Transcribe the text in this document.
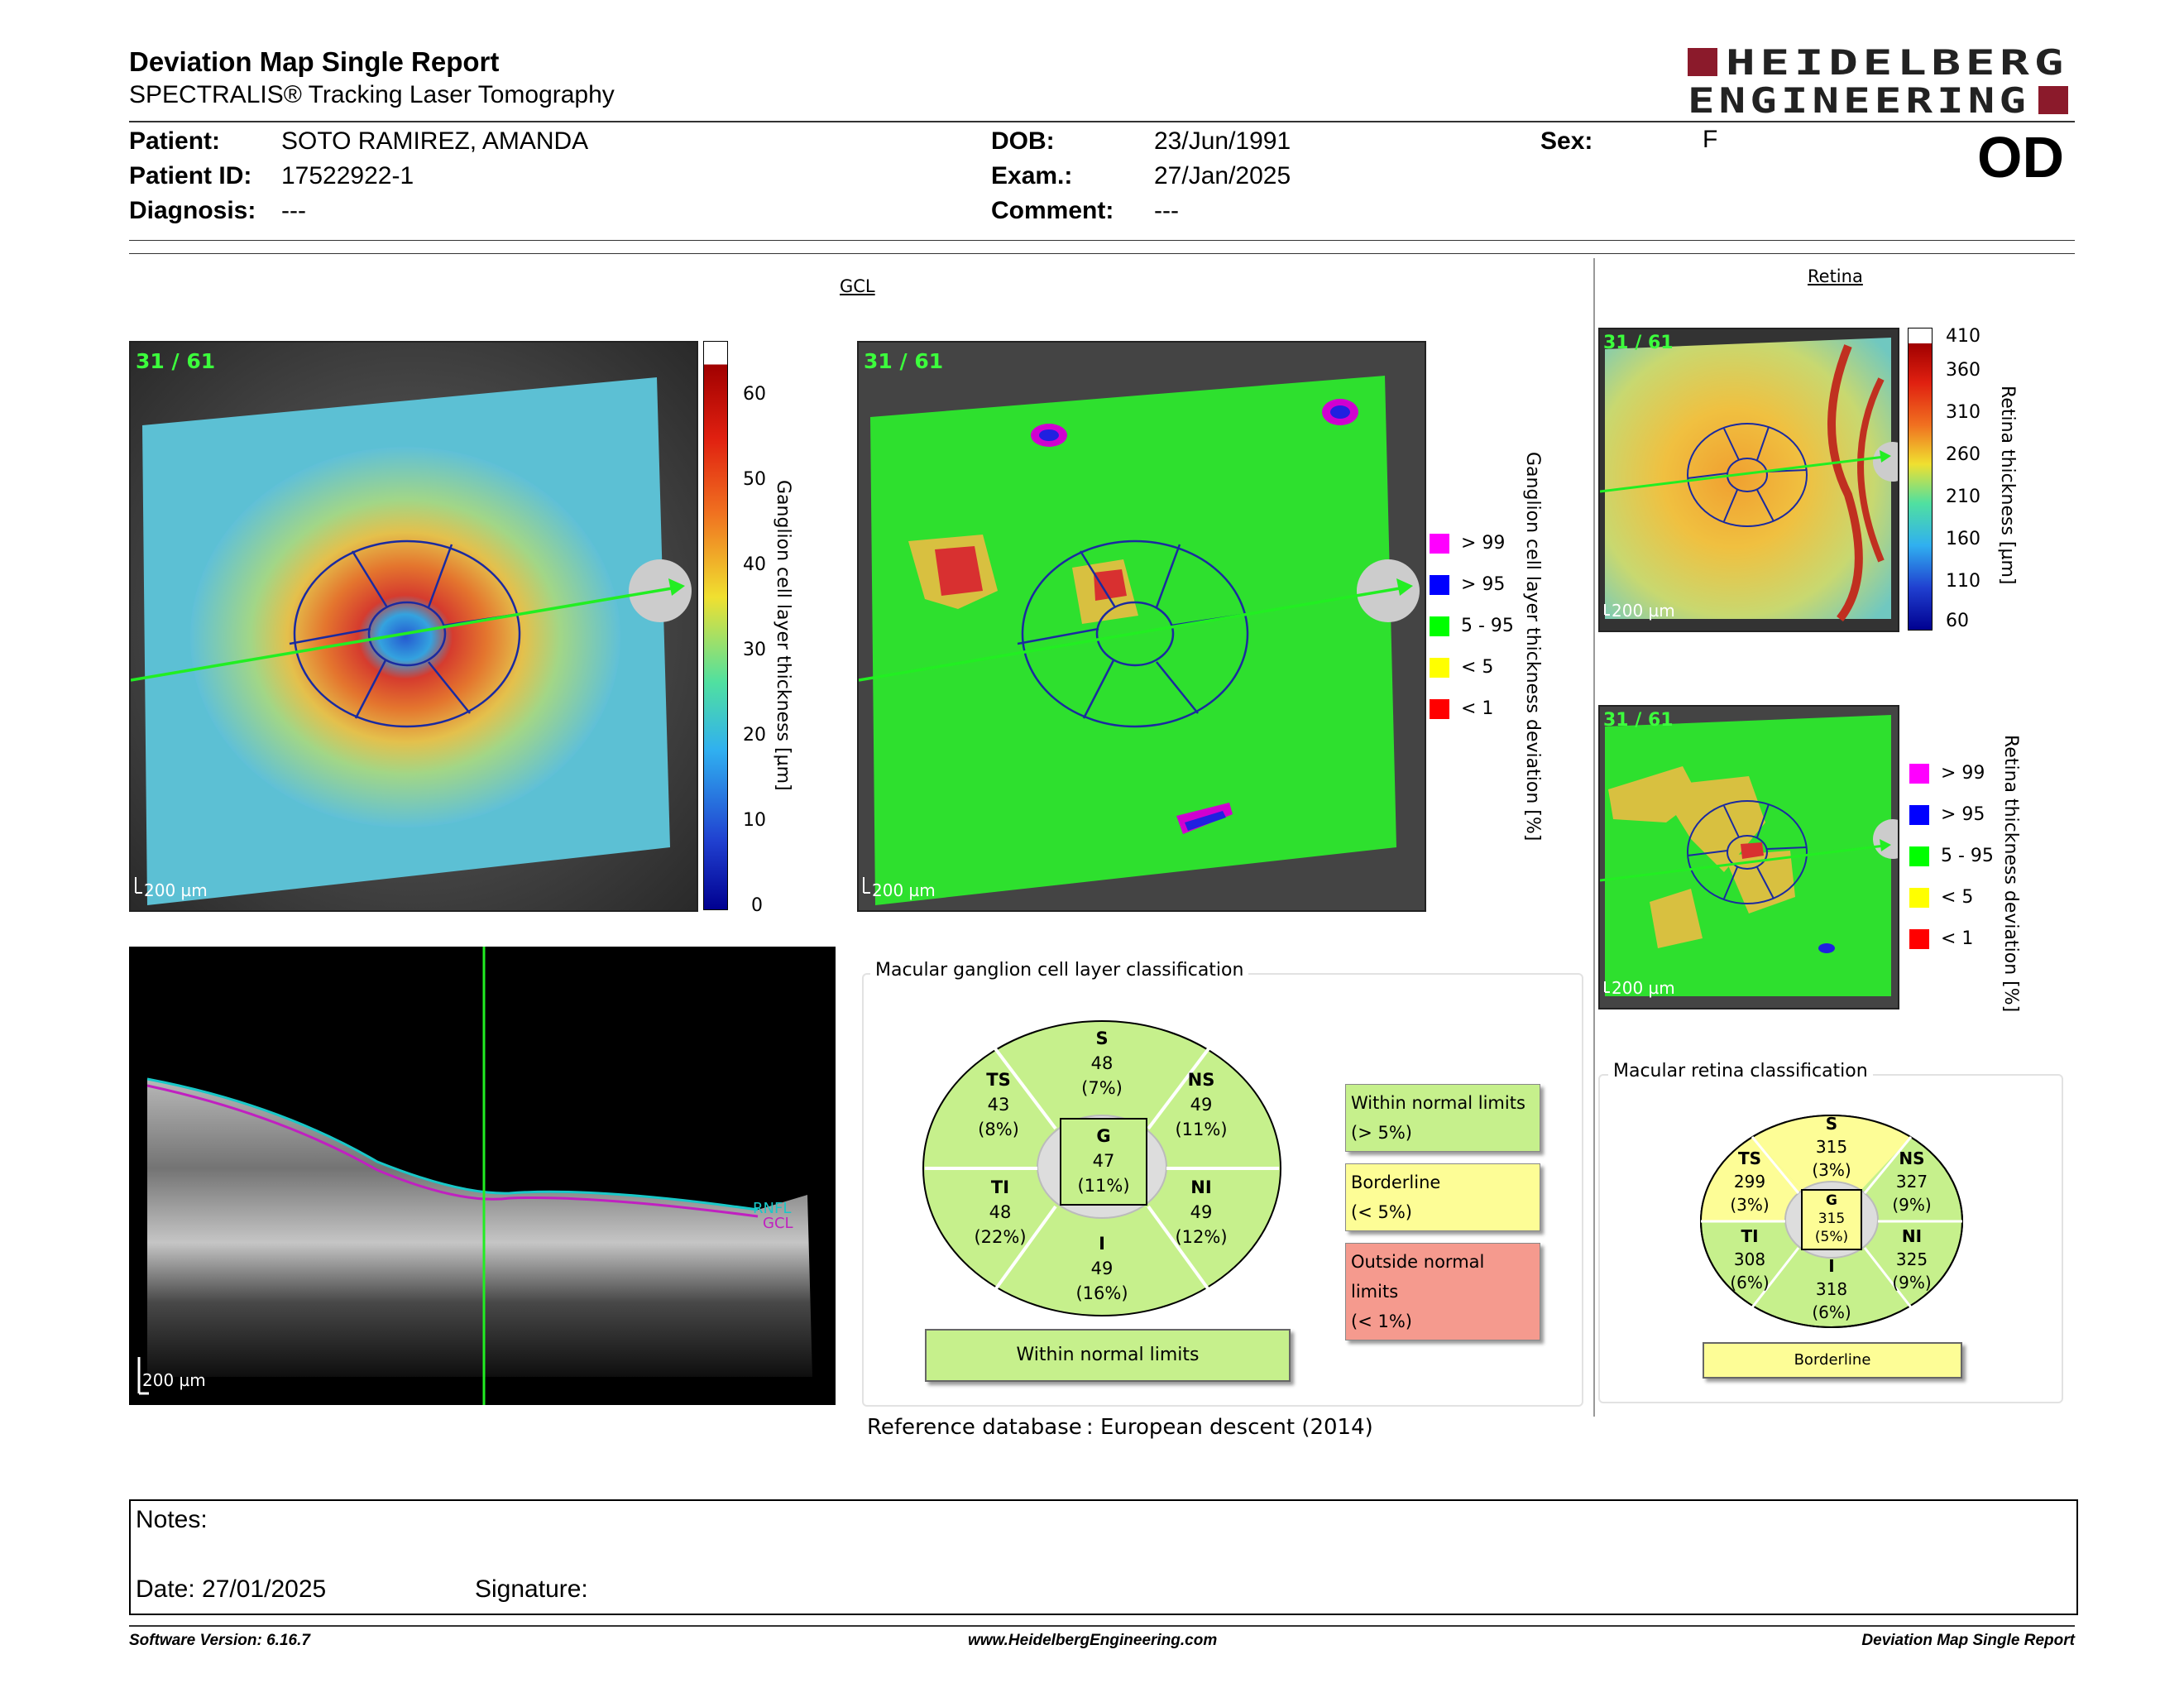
Deviation Map Single Report
SPECTRALIS® Tracking Laser Tomography
HEIDELBERG
ENGINEERING
Patient: SOTO RAMIREZ, AMANDA
Patient ID: 17522922-1
Diagnosis: ---
DOB:	23/Jun/1991
Exam.:	27/Jan/2025
Comment: ---
Sex:	F	OD
GCL	Retina
31 / 61
200 µm
60
50
40
30
20
10
0
Ganglion cell layer thickness [µm]
31 / 61
200 µm
> 99
> 95
5 - 95
< 5
< 1 Ganglion cell layer thickness deviation [%]
31 / 61
200 µm
410
360
310
260
210
160
110
60
Retina thickness [µm]
31 / 61
200 µm
> 99
> 95
5 - 95
< 5
< 1 Retina thickness deviation [%]
RNFL
GCL
200 µm
Macular ganglion cell layer classification
S
48
(7%)
TS
43
(8%)
NS
49
(11%)
G
47
(11%)
TI
48
(22%)
NI
49
(12%)
I
49
(16%)
Within normal limits
Within normal limits
(> 5%)
Borderline
(< 5%)
Outside normal limits
(< 1%)
Macular retina classification
S
315
(3%)
TS
299
(3%)
NS
327
(9%)
G
315
(5%)
TI
308
(6%)
NI
325
(9%)
I
318
(6%)
Borderline
Reference database : European descent (2014)
Notes:
Date: 27/01/2025	Signature:
Software Version: 6.16.7	www.HeidelbergEngineering.com	Deviation Map Single Report
